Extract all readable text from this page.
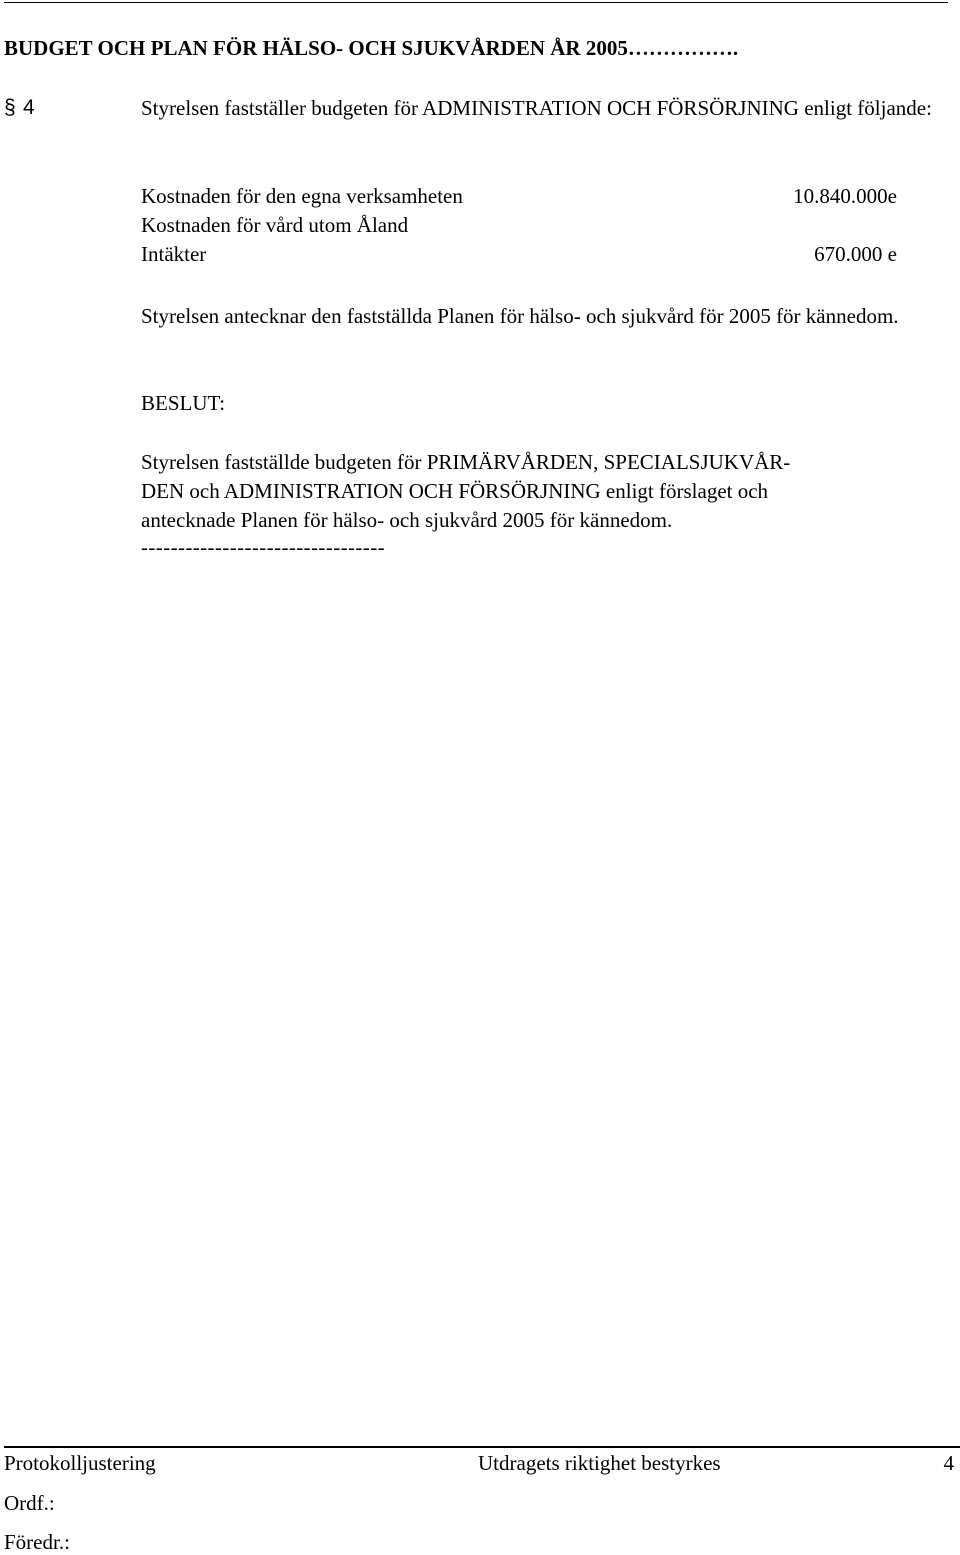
BUDGET OCH PLAN FÖR HÄLSO- OCH SJUKVÅRDEN ÅR 2005…………….
§ 4	Styrelsen fastställer budgeten för ADMINISTRATION OCH FÖRSÖRJNING enligt följande:
Kostnaden för den egna verksamheten	10.840.000e
Kostnaden för vård utom Åland
Intäkter	670.000 e
Styrelsen antecknar den fastställda Planen för hälso- och sjukvård för 2005 för kännedom.
BESLUT:
Styrelsen fastställde budgeten för PRIMÄRVÅRDEN, SPECIALSJUKVÅR-
DEN och ADMINISTRATION OCH FÖRSÖRJNING enligt förslaget och
antecknade Planen för hälso- och sjukvård 2005 för kännedom.
---------------------------------
Protokolljustering	Utdragets riktighet bestyrkes	4
Ordf.:
Föredr.:
